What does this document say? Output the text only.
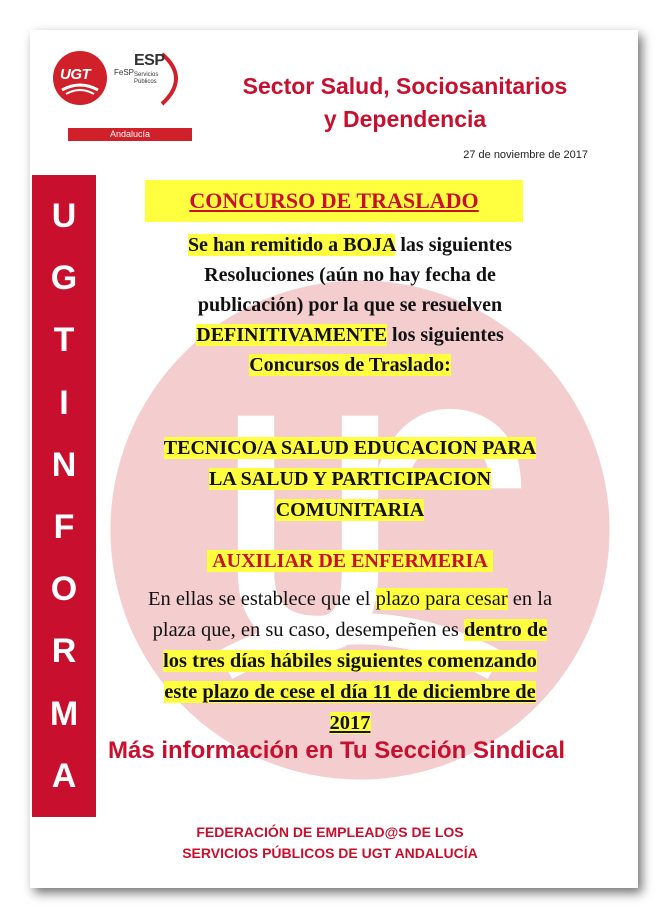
UGT
ESP
FeSP Servicios Públicos
Andalucía
Sector Salud, Sociosanitarios
y Dependencia
27 de noviembre de 2017
U
G
T
I
N
F
O
R
M
A
CONCURSO DE TRASLADO
Se han remitido a BOJA las siguientes
Resoluciones (aún no hay fecha de
publicación) por la que se resuelven
DEFINITIVAMENTE los siguientes
Concursos de Traslado:
TECNICO/A SALUD EDUCACION PARA
LA SALUD Y PARTICIPACION
COMUNITARIA
AUXILIAR DE ENFERMERIA
En ellas se establece que el plazo para cesar en la
plaza que, en su caso, desempeñen es dentro de
los tres días hábiles siguientes comenzando
este plazo de cese el día 11 de diciembre de
2017
Más información en Tu Sección Sindical
FEDERACIÓN DE EMPLEAD@S DE LOS
SERVICIOS PÚBLICOS DE UGT ANDALUCÍA
